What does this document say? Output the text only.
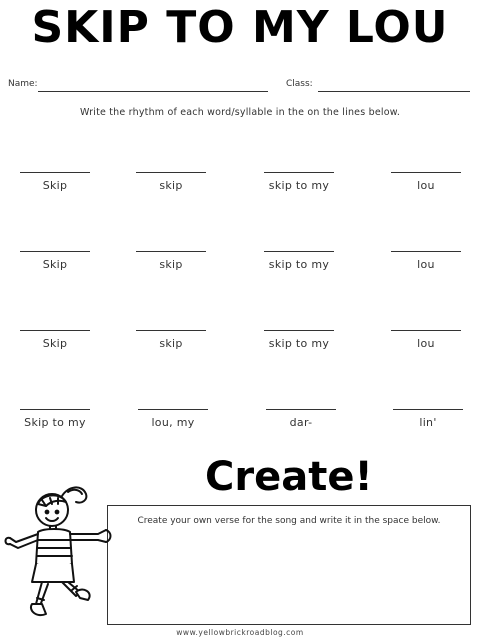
SKIP TO MY LOU
Name:	Class:
Write the rhythm of each word/syllable in the on the lines below.
Skip	skip	skip to my	lou
Skip	skip	skip to my	lou
Skip	skip	skip to my	lou
Skip to my	lou, my	dar-	lin'
Create!
Create your own verse for the song and write it in the space below.
www.yellowbrickroadblog.com
